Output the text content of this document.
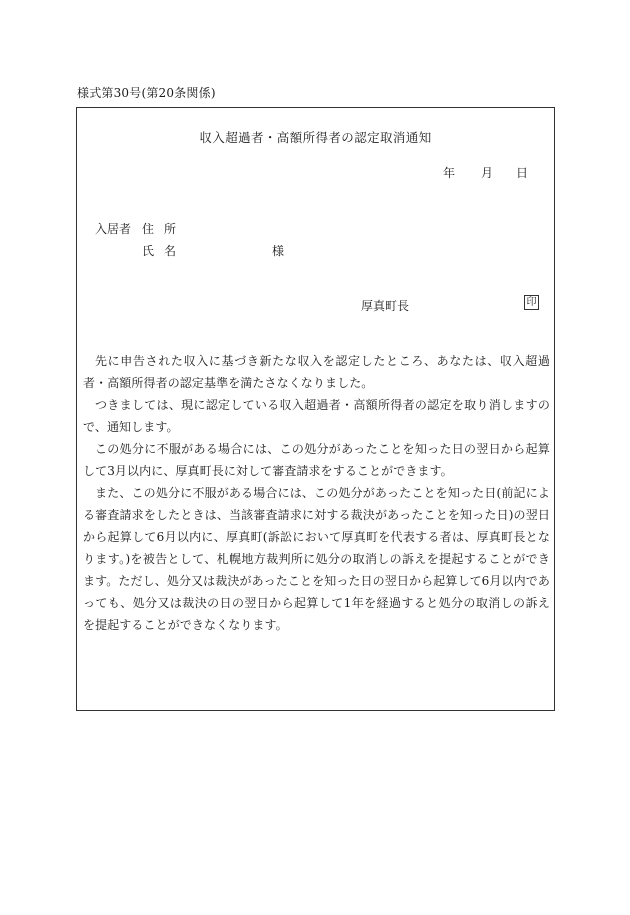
様式第30号(第20条関係)
収入超過者・高額所得者の認定取消通知
年 月 日
入居者 住所
氏名	様
厚真町長	印

先に申告された収入に基づき新たな収入を認定したところ、あなたは、収入超過者・高額所得者の認定基準を満たさなくなりました。

つきましては、現に認定している収入超過者・高額所得者の認定を取り消しますので、通知します。

この処分に不服がある場合には、この処分があったことを知った日の翌日から起算して3月以内に、厚真町長に対して審査請求をすることができます。

また、この処分に不服がある場合には、この処分があったことを知った日(前記による審査請求をしたときは、当該審査請求に対する裁決があったことを知った日)の翌日から起算して6月以内に、厚真町(訴訟において厚真町を代表する者は、厚真町長となります。)を被告として、札幌地方裁判所に処分の取消しの訴えを提起することができます。ただし、処分又は裁決があったことを知った日の翌日から起算して6月以内であっても、処分又は裁決の日の翌日から起算して1年を経過すると処分の取消しの訴えを提起することができなくなります。
